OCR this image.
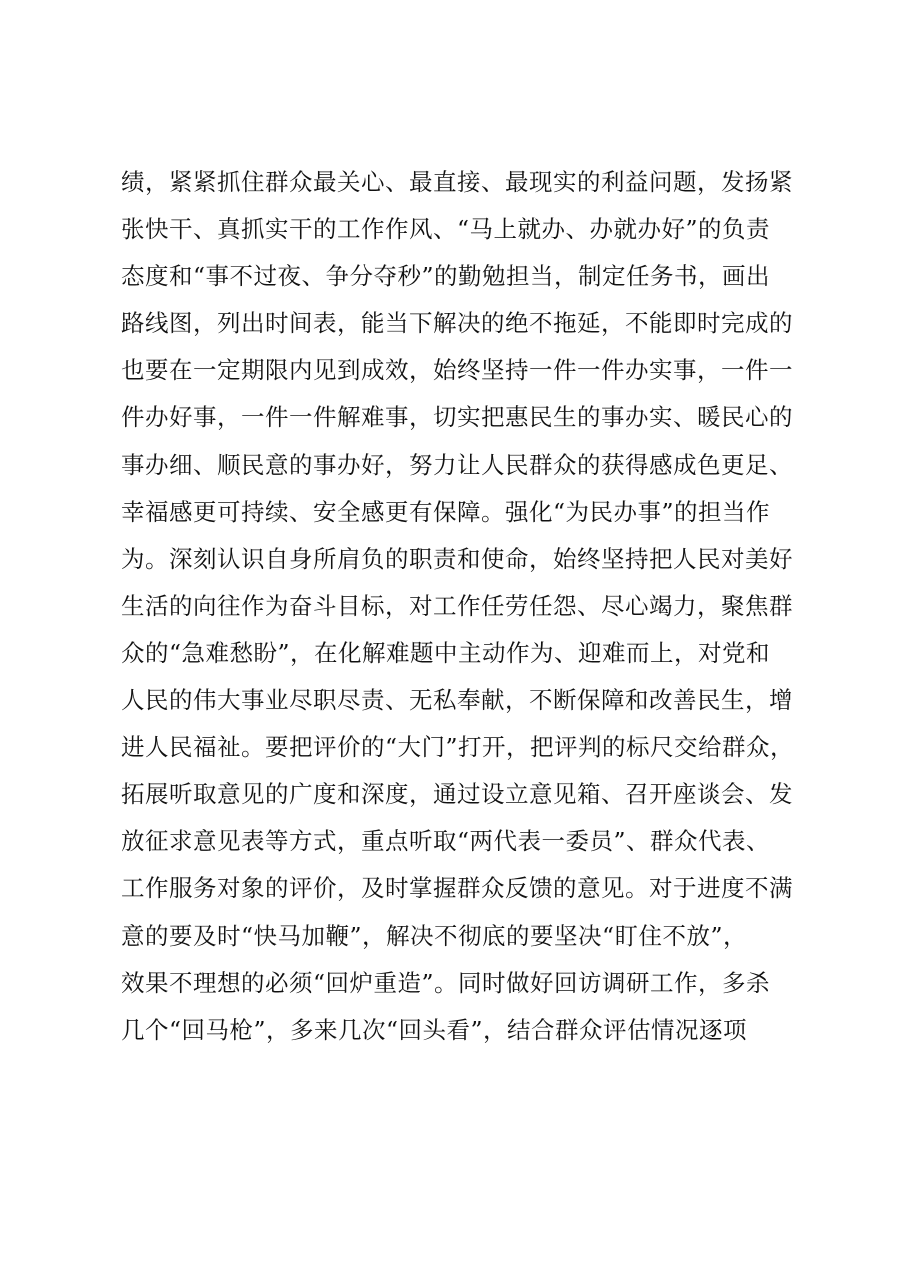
绩，紧紧抓住群众最关心、最直接、最现实的利益问题，发扬紧
张快干、真抓实干的工作作风、“马上就办、办就办好”的负责
态度和“事不过夜、争分夺秒”的勤勉担当，制定任务书，画出
路线图，列出时间表，能当下解决的绝不拖延，不能即时完成的
也要在一定期限内见到成效，始终坚持一件一件办实事，一件一
件办好事，一件一件解难事，切实把惠民生的事办实、暖民心的
事办细、顺民意的事办好，努力让人民群众的获得感成色更足、
幸福感更可持续、安全感更有保障。强化“为民办事”的担当作
为。深刻认识自身所肩负的职责和使命，始终坚持把人民对美好
生活的向往作为奋斗目标，对工作任劳任怨、尽心竭力，聚焦群
众的“急难愁盼”，在化解难题中主动作为、迎难而上，对党和
人民的伟大事业尽职尽责、无私奉献，不断保障和改善民生，增
进人民福祉。要把评价的“大门”打开，把评判的标尺交给群众，
拓展听取意见的广度和深度，通过设立意见箱、召开座谈会、发
放征求意见表等方式，重点听取“两代表一委员”、群众代表、
工作服务对象的评价，及时掌握群众反馈的意见。对于进度不满
意的要及时“快马加鞭”，解决不彻底的要坚决“盯住不放”，
效果不理想的必须“回炉重造”。同时做好回访调研工作，多杀
几个“回马枪”，多来几次“回头看”，结合群众评估情况逐项
